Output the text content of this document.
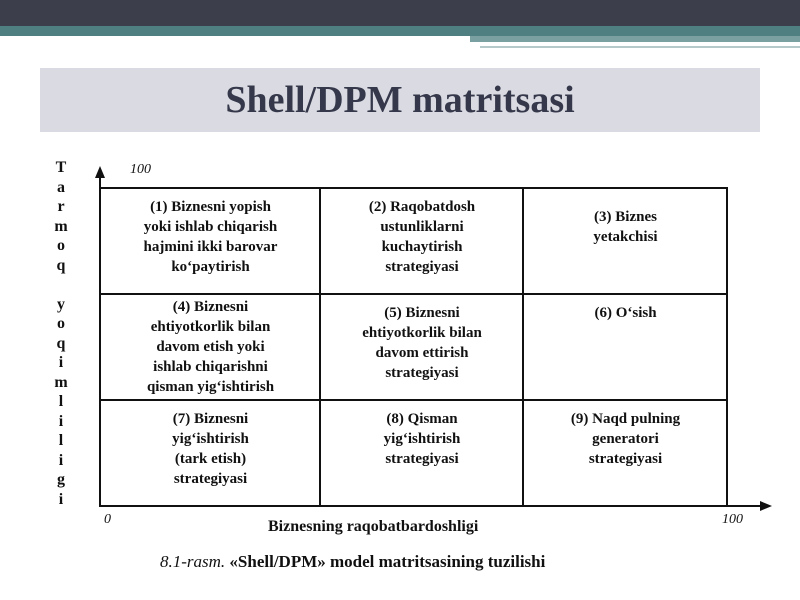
Shell/DPM matritsasi
T
a
r
m
o
q
y
o
q
i
m
l
i
l
i
g
i
100
0	100
(1) Biznesni yopish
yoki ishlab chiqarish
hajmini ikki barovar
ko‘paytirish
(2) Raqobatdosh
ustunliklarni
kuchaytirish
strategiyasi
(3) Biznes
yetakchisi
(4) Biznesni
ehtiyotkorlik bilan
davom etish yoki
ishlab chiqarishni
qisman yig‘ishtirish
(5) Biznesni
ehtiyotkorlik bilan
davom ettirish
strategiyasi
(6) O‘sish
(7) Biznesni
yig‘ishtirish
(tark etish)
strategiyasi
(8) Qisman
yig‘ishtirish
strategiyasi
(9) Naqd pulning
generatori
strategiyasi
Biznesning raqobatbardoshligi
8.1-rasm. «Shell/DPM» model matritsasining tuzilishi
